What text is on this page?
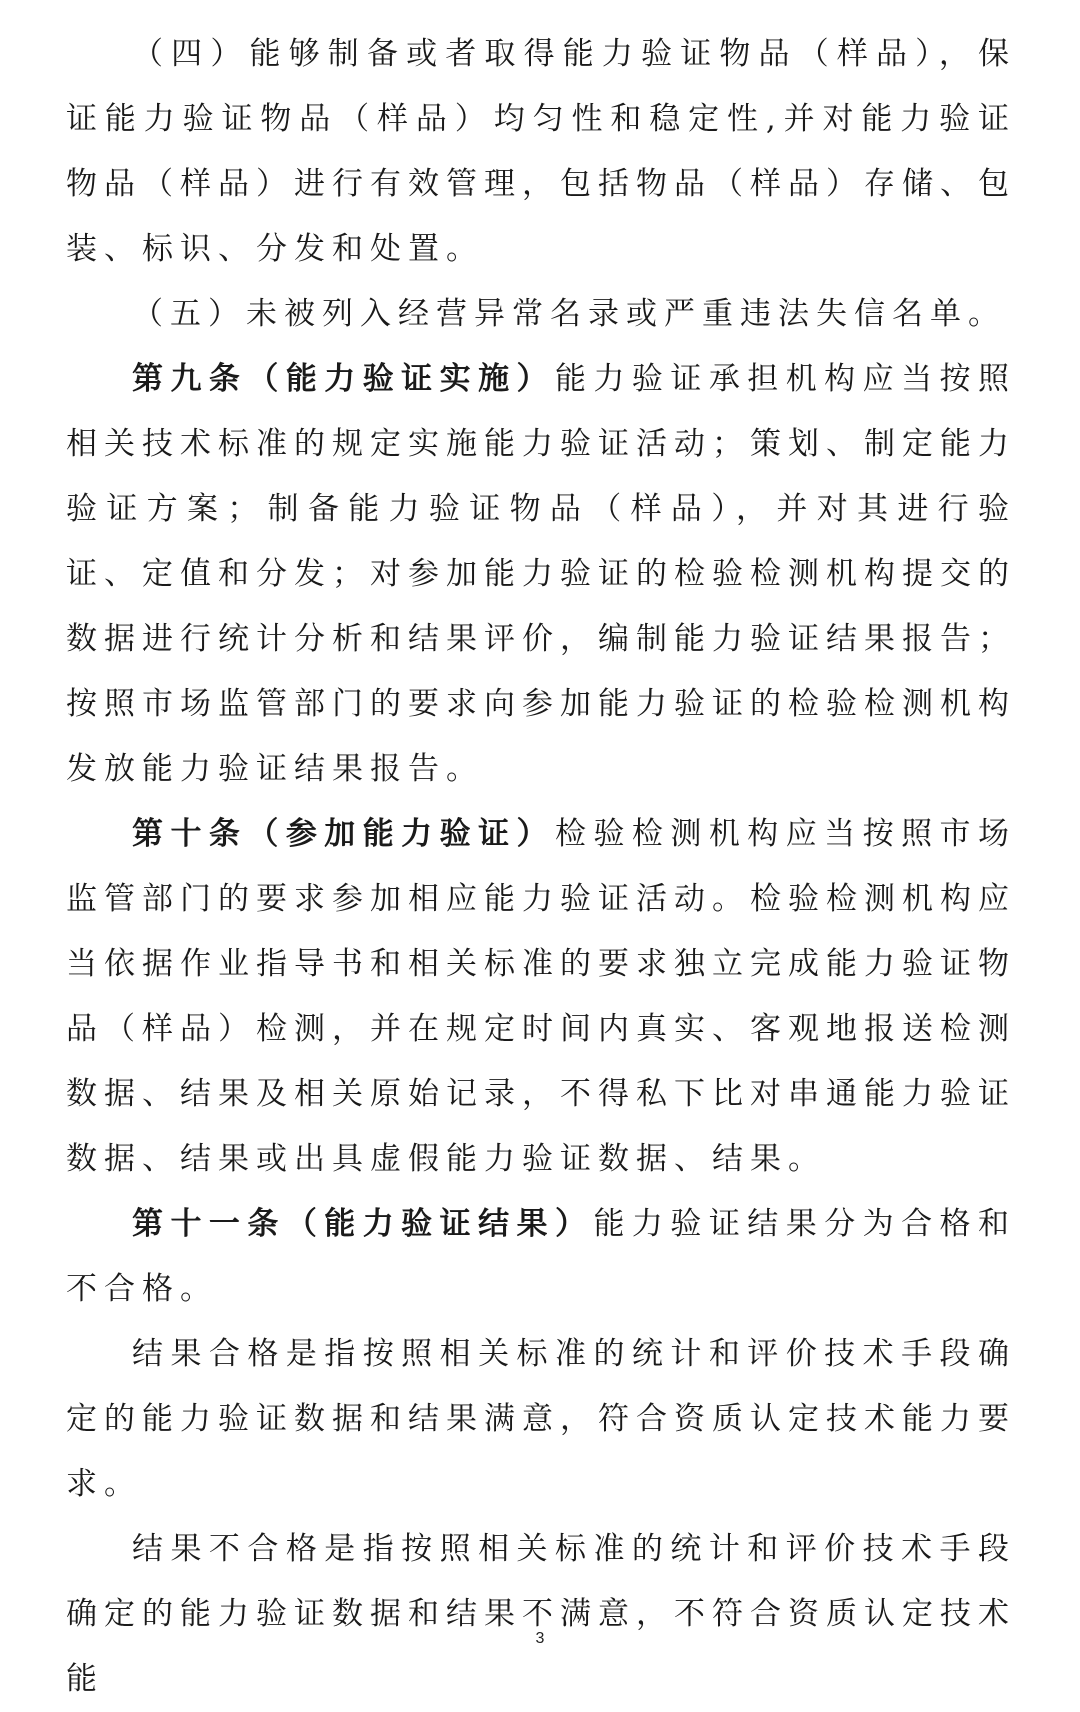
（四）能够制备或者取得能力验证物品（样品），保证能力验证物品（样品）均匀性和稳定性,并对能力验证物品（样品）进行有效管理，包括物品（样品）存储、包装、标识、分发和处置。

（五）未被列入经营异常名录或严重违法失信名单。

第九条（能力验证实施）能力验证承担机构应当按照相关技术标准的规定实施能力验证活动；策划、制定能力验证方案；制备能力验证物品（样品），并对其进行验证、定值和分发；对参加能力验证的检验检测机构提交的数据进行统计分析和结果评价，编制能力验证结果报告；按照市场监管部门的要求向参加能力验证的检验检测机构发放能力验证结果报告。

第十条（参加能力验证）检验检测机构应当按照市场监管部门的要求参加相应能力验证活动。检验检测机构应当依据作业指导书和相关标准的要求独立完成能力验证物品（样品）检测，并在规定时间内真实、客观地报送检测数据、结果及相关原始记录，不得私下比对串通能力验证数据、结果或出具虚假能力验证数据、结果。

第十一条（能力验证结果）能力验证结果分为合格和不合格。

结果合格是指按照相关标准的统计和评价技术手段确定的能力验证数据和结果满意，符合资质认定技术能力要求。

结果不合格是指按照相关标准的统计和评价技术手段确定的能力验证数据和结果不满意，不符合资质认定技术能

3
